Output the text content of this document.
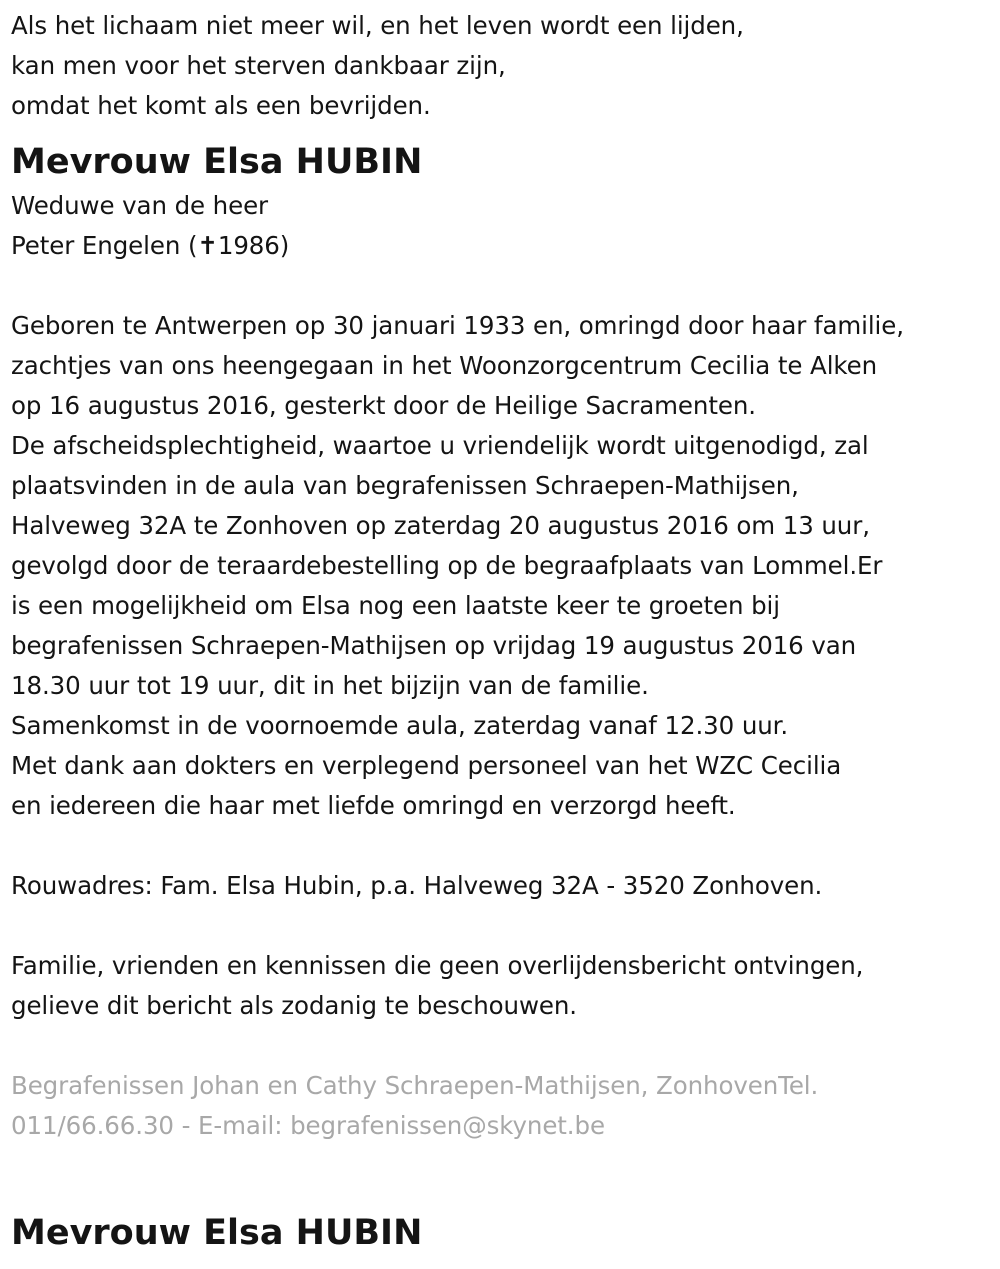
Als het lichaam niet meer wil, en het leven wordt een lijden,
kan men voor het sterven dankbaar zijn,
omdat het komt als een bevrijden.
Mevrouw Elsa HUBIN
Weduwe van de heer
Peter Engelen (✝1986)
Geboren te Antwerpen op 30 januari 1933 en, omringd door haar familie,
zachtjes van ons heengegaan in het Woonzorgcentrum Cecilia te Alken
op 16 augustus 2016, gesterkt door de Heilige Sacramenten.
De afscheidsplechtigheid, waartoe u vriendelijk wordt uitgenodigd, zal
plaatsvinden in de aula van begrafenissen Schraepen-Mathijsen,
Halveweg 32A te Zonhoven op zaterdag 20 augustus 2016 om 13 uur,
gevolgd door de teraardebestelling op de begraafplaats van Lommel.Er
is een mogelijkheid om Elsa nog een laatste keer te groeten bij
begrafenissen Schraepen-Mathijsen op vrijdag 19 augustus 2016 van
18.30 uur tot 19 uur, dit in het bijzijn van de familie.
Samenkomst in de voornoemde aula, zaterdag vanaf 12.30 uur.
Met dank aan dokters en verplegend personeel van het WZC Cecilia
en iedereen die haar met liefde omringd en verzorgd heeft.
Rouwadres: Fam. Elsa Hubin, p.a. Halveweg 32A - 3520 Zonhoven.
Familie, vrienden en kennissen die geen overlijdensbericht ontvingen,
gelieve dit bericht als zodanig te beschouwen.
Begrafenissen Johan en Cathy Schraepen-Mathijsen, ZonhovenTel.
011/66.66.30 - E-mail: begrafenissen@skynet.be
Mevrouw Elsa HUBIN
